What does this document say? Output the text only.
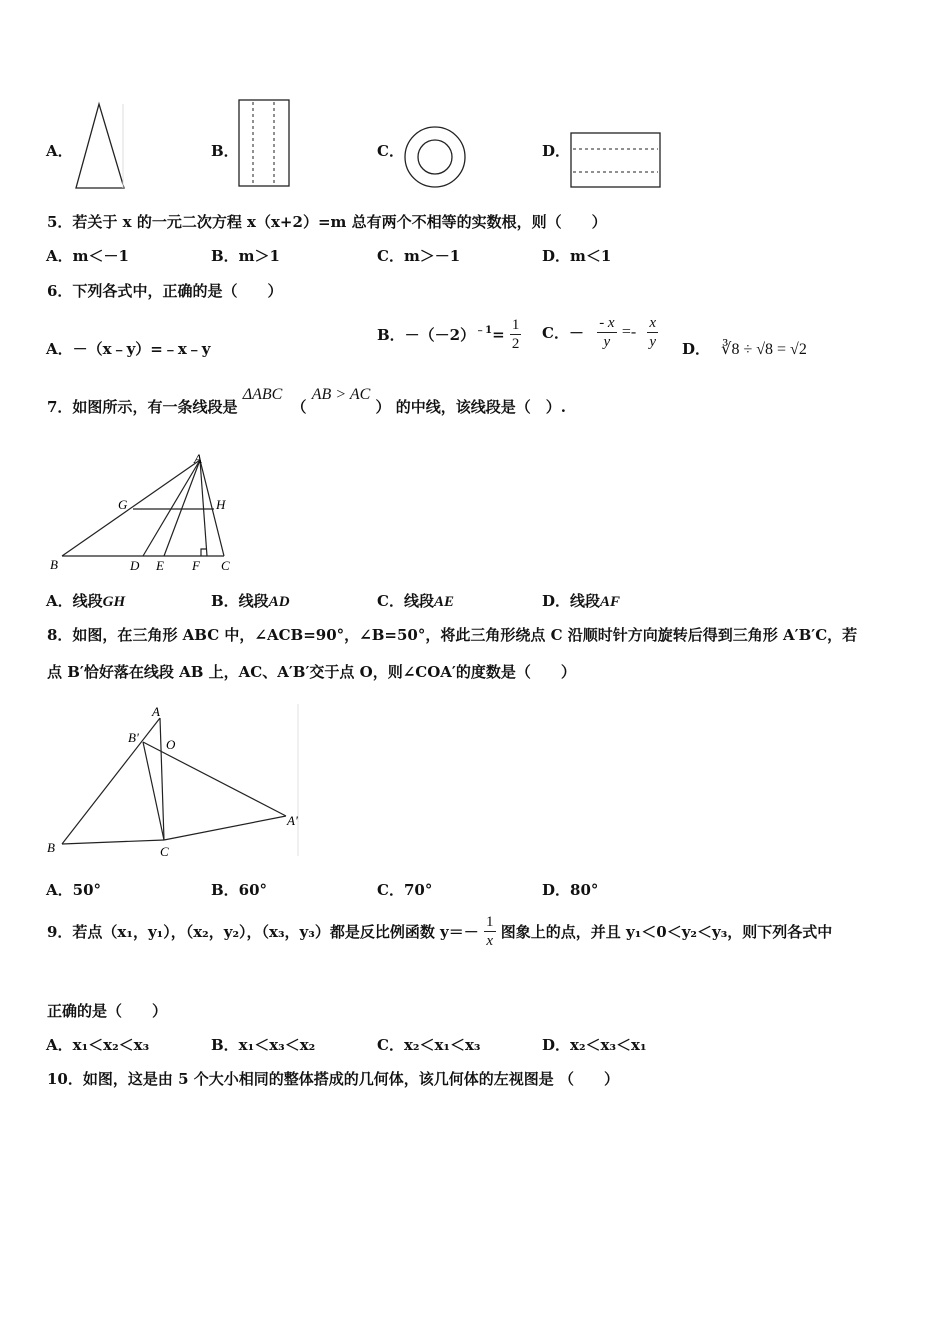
A．	B．	C．	D．
5．若关于 x 的一元二次方程 x（x+2）=m 总有两个不相等的实数根，则（　　）
A．m＜－1	B．m＞1	C．m＞－1	D．m＜1
6．下列各式中，正确的是（　　）
A．－（x﹣y）=﹣x﹣y
B．$-(-2)^{﹣1}= \frac{1}{2}$ C．－ $\frac{- x}{y} =- \frac{x}{y}$ D． ∛8 ÷ √8 = √2
7．如图所示，有一条线段是 ΔABC （ AB > AC ） 的中线，该线段是（　）.
A
G	H
B	D E F C
A．线段GH	B．线段AD	C．线段AE	D．线段AF
8．如图，在三角形 ABC 中，∠ACB=90°，∠B=50°，将此三角形绕点 C 沿顺时针方向旋转后得到三角形 A′B′C，若
点 B′恰好落在线段 AB 上，AC、A′B′交于点 O，则∠COA′的度数是（　　）
A
B' O
A'
B	C
A．50°	B．60°	C．70°	D．80°
9．若点（x₁，y₁），（x₂，y₂），（x₃，y₃）都是反比例函数 $y=- \frac{1}{x}$ 图象上的点，并且 y₁＜0＜y₂＜y₃，则下列各式中
正确的是（　　）
A．x₁＜x₂＜x₃	B．x₁＜x₃＜x₂	C．x₂＜x₁＜x₃	D．x₂＜x₃＜x₁
10．如图，这是由 5 个大小相同的整体搭成的几何体，该几何体的左视图是 （　　）
